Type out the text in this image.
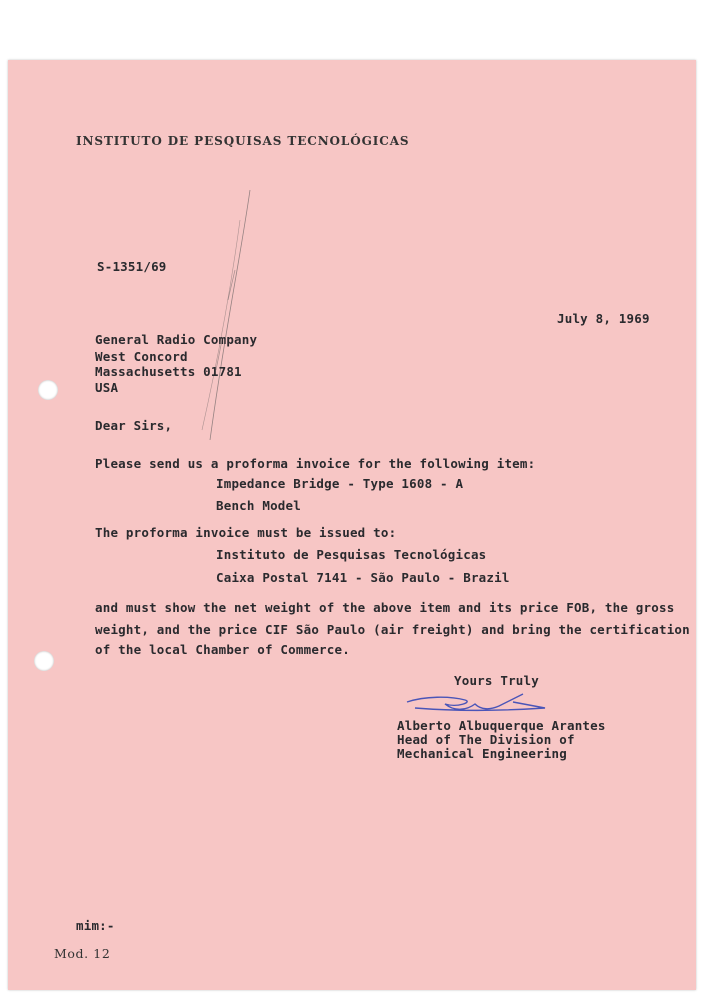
INSTITUTO DE PESQUISAS TECNOLÓGICAS
S-1351/69
July 8, 1969
General Radio Company
West Concord
Massachusetts 01781
USA
Dear Sirs,
Please send us a proforma invoice for the following item:
Impedance Bridge - Type 1608 - A
Bench Model
The proforma invoice must be issued to:
Instituto de Pesquisas Tecnológicas
Caixa Postal 7141 - São Paulo - Brazil
and must show the net weight of the above item and its price FOB, the gross
weight, and the price CIF São Paulo (air freight) and bring the certification
of the local Chamber of Commerce.
Yours Truly
Alberto Albuquerque Arantes
Head of The Division of
Mechanical Engineering
mim:-
Mod. 12
